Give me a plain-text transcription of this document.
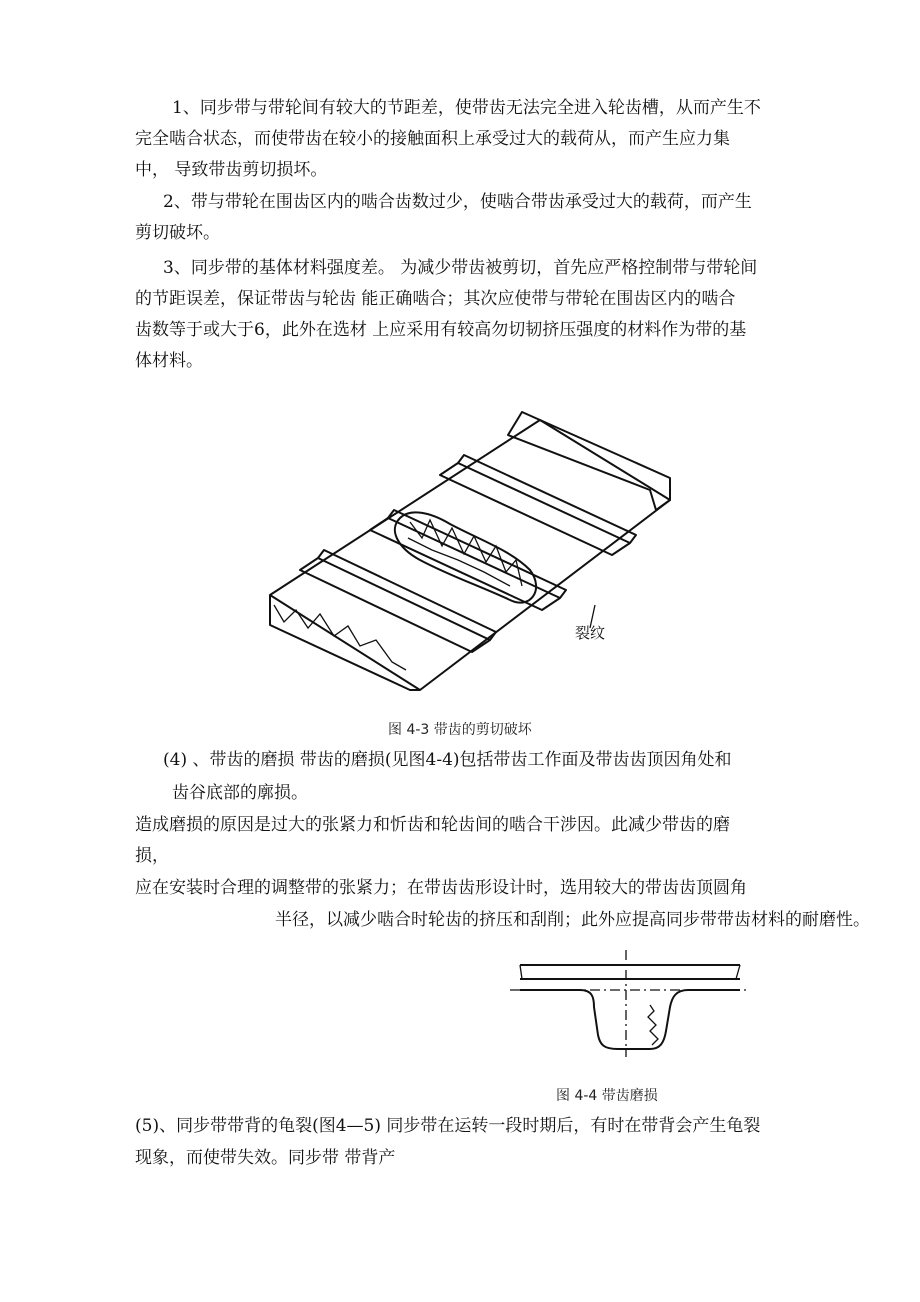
1、同步带与带轮间有较大的节距差，使带齿无法完全进入轮齿槽，从而产生不
完全啮合状态，而使带齿在较小的接触面积上承受过大的载荷从，而产生应力集
中， 导致带齿剪切损坏。
2、带与带轮在围齿区内的啮合齿数过少，使啮合带齿承受过大的载荷，而产生
剪切破坏。
3、同步带的基体材料强度差。 为减少带齿被剪切，首先应严格控制带与带轮间
的节距误差，保证带齿与轮齿 能正确啮合；其次应使带与带轮在围齿区内的啮合
齿数等于或大于6，此外在选材 上应采用有较高勿切韧挤压强度的材料作为带的基
体材料。
裂纹
图 4-3 带齿的剪切破坏
(4) 、带齿的磨损 带齿的磨损(见图4-4)包括带齿工作面及带齿齿顶因角处和
齿谷底部的廓损。
造成磨损的原因是过大的张紧力和忻齿和轮齿间的啮合干涉因。此减少带齿的磨
损，
应在安装时合理的调整带的张紧力；在带齿齿形设计时，选用较大的带齿齿顶圆角
半径，以减少啮合时轮齿的挤压和刮削；此外应提高同步带带齿材料的耐磨性。
图 4-4 带齿磨损
(5)、同步带带背的龟裂(图4—5) 同步带在运转一段时期后，有时在带背会产生龟裂
现象，而使带失效。同步带 带背产
